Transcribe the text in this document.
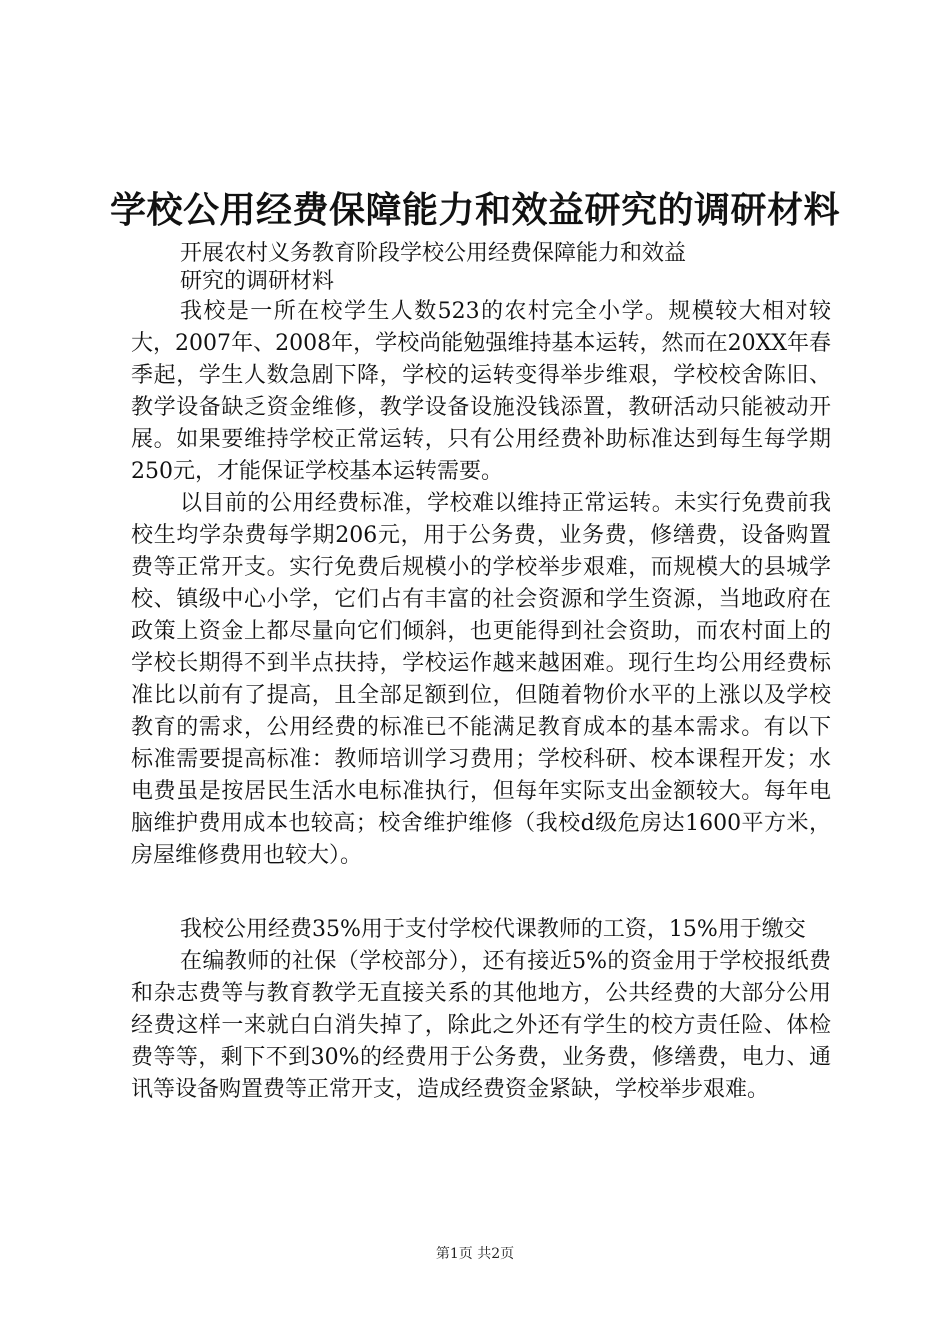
学校公用经费保障能力和效益研究的调研材料
开展农村义务教育阶段学校公用经费保障能力和效益
研究的调研材料

我校是一所在校学生人数523的农村完全小学。规模较大相对较大，2007年、2008年，学校尚能勉强维持基本运转，然而在20XX年春季起，学生人数急剧下降，学校的运转变得举步维艰，学校校舍陈旧、教学设备缺乏资金维修，教学设备设施没钱添置，教研活动只能被动开展。如果要维持学校正常运转，只有公用经费补助标准达到每生每学期250元，才能保证学校基本运转需要。

以目前的公用经费标准，学校难以维持正常运转。未实行免费前我校生均学杂费每学期206元，用于公务费，业务费，修缮费，设备购置费等正常开支。实行免费后规模小的学校举步艰难，而规模大的县城学校、镇级中心小学，它们占有丰富的社会资源和学生资源，当地政府在政策上资金上都尽量向它们倾斜，也更能得到社会资助，而农村面上的学校长期得不到半点扶持，学校运作越来越困难。现行生均公用经费标准比以前有了提高，且全部足额到位，但随着物价水平的上涨以及学校教育的需求，公用经费的标准已不能满足教育成本的基本需求。有以下标准需要提高标准：教师培训学习费用；学校科研、校本课程开发；水电费虽是按居民生活水电标准执行，但每年实际支出金额较大。每年电脑维护费用成本也较高；校舍维护维修（我校d级危房达1600平方米，房屋维修费用也较大）。

我校公用经费35%用于支付学校代课教师的工资，15%用于缴交

在编教师的社保（学校部分），还有接近5%的资金用于学校报纸费和杂志费等与教育教学无直接关系的其他地方，公共经费的大部分公用经费这样一来就白白消失掉了，除此之外还有学生的校方责任险、体检费等等，剩下不到30%的经费用于公务费，业务费，修缮费，电力、通讯等设备购置费等正常开支，造成经费资金紧缺，学校举步艰难。

第1页 共2页
